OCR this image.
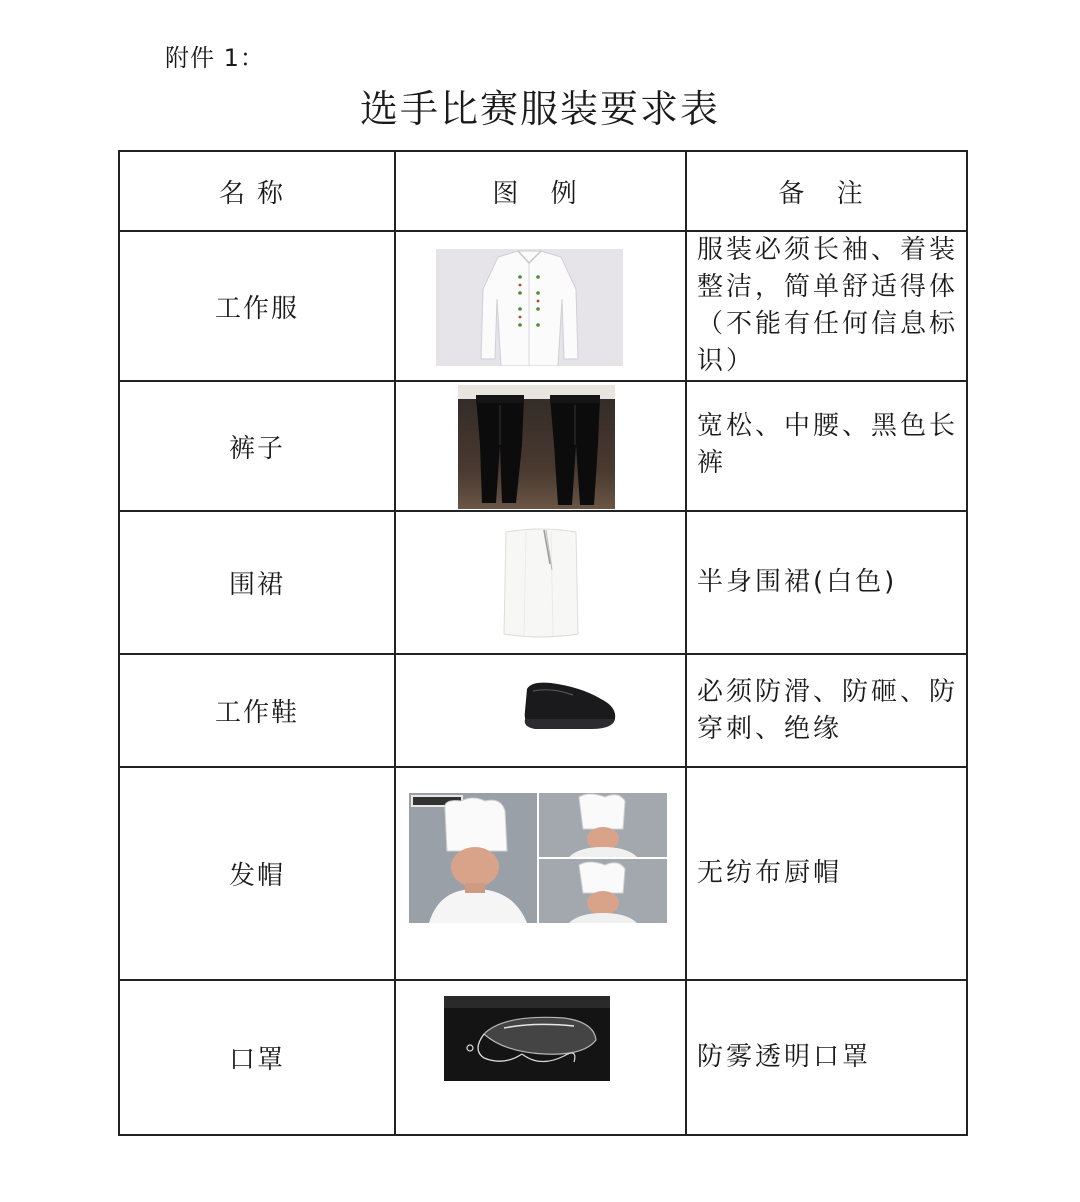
附件 1：
选手比赛服装要求表
名称	图 例	备 注
工作服		服装必须长袖、着装整洁，简单舒适得体（不能有任何信息标识）
裤子		宽松、中腰、黑色长裤
围裙		半身围裙(白色)
工作鞋		必须防滑、防砸、防穿刺、绝缘
发帽		无纺布厨帽
口罩		防雾透明口罩
